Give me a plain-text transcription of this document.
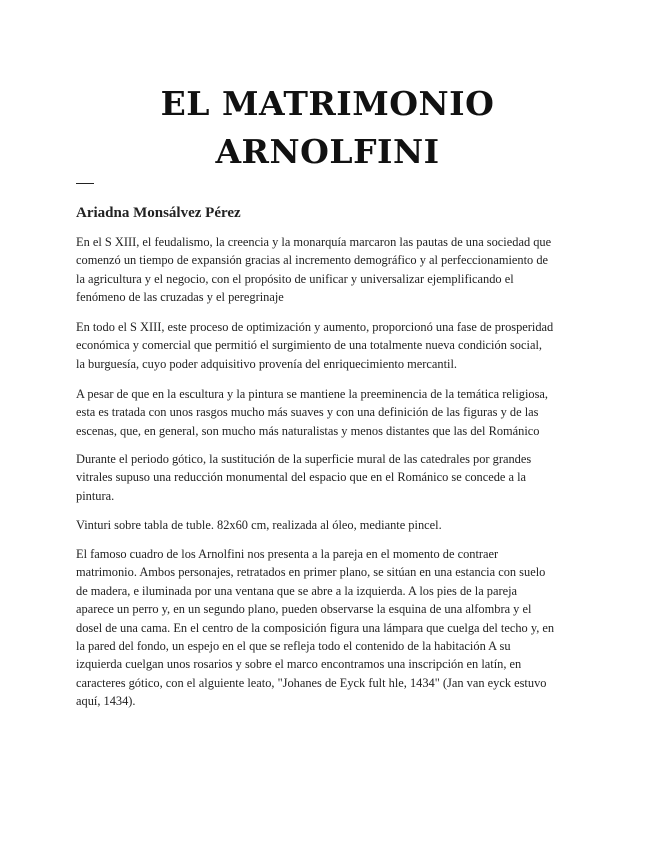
EL MATRIMONIO
ARNOLFINI
Ariadna Monsálvez Pérez
En el S XIII, el feudalismo, la creencia y la monarquía marcaron las pautas de una sociedad que
comenzó un tiempo de expansión gracias al incremento demográfico y al perfeccionamiento de
la agricultura y el negocio, con el propósito de unificar y universalizar ejemplificando el
fenómeno de las cruzadas y el peregrinaje
En todo el S XIII, este proceso de optimización y aumento, proporcionó una fase de prosperidad
económica y comercial que permitió el surgimiento de una totalmente nueva condición social,
la burguesía, cuyo poder adquisitivo provenía del enriquecimiento mercantil.
A pesar de que en la escultura y la pintura se mantiene la preeminencia de la temática religiosa,
esta es tratada con unos rasgos mucho más suaves y con una definición de las figuras y de las
escenas, que, en general, son mucho más naturalistas y menos distantes que las del Románico
Durante el periodo gótico, la sustitución de la superficie mural de las catedrales por grandes
vitrales supuso una reducción monumental del espacio que en el Románico se concede a la
pintura.
Vinturi sobre tabla de tuble. 82x60 cm, realizada al óleo, mediante pincel.
El famoso cuadro de los Arnolfini nos presenta a la pareja en el momento de contraer
matrimonio. Ambos personajes, retratados en primer plano, se sitúan en una estancia con suelo
de madera, e iluminada por una ventana que se abre a la izquierda. A los pies de la pareja
aparece un perro y, en un segundo plano, pueden observarse la esquina de una alfombra y el
dosel de una cama. En el centro de la composición figura una lámpara que cuelga del techo y, en
la pared del fondo, un espejo en el que se refleja todo el contenido de la habitación A su
izquierda cuelgan unos rosarios y sobre el marco encontramos una inscripción en latín, en
caracteres gótico, con el alguiente leato, "Johanes de Eyck fult hle, 1434" (Jan van eyck estuvo
aquí, 1434).
